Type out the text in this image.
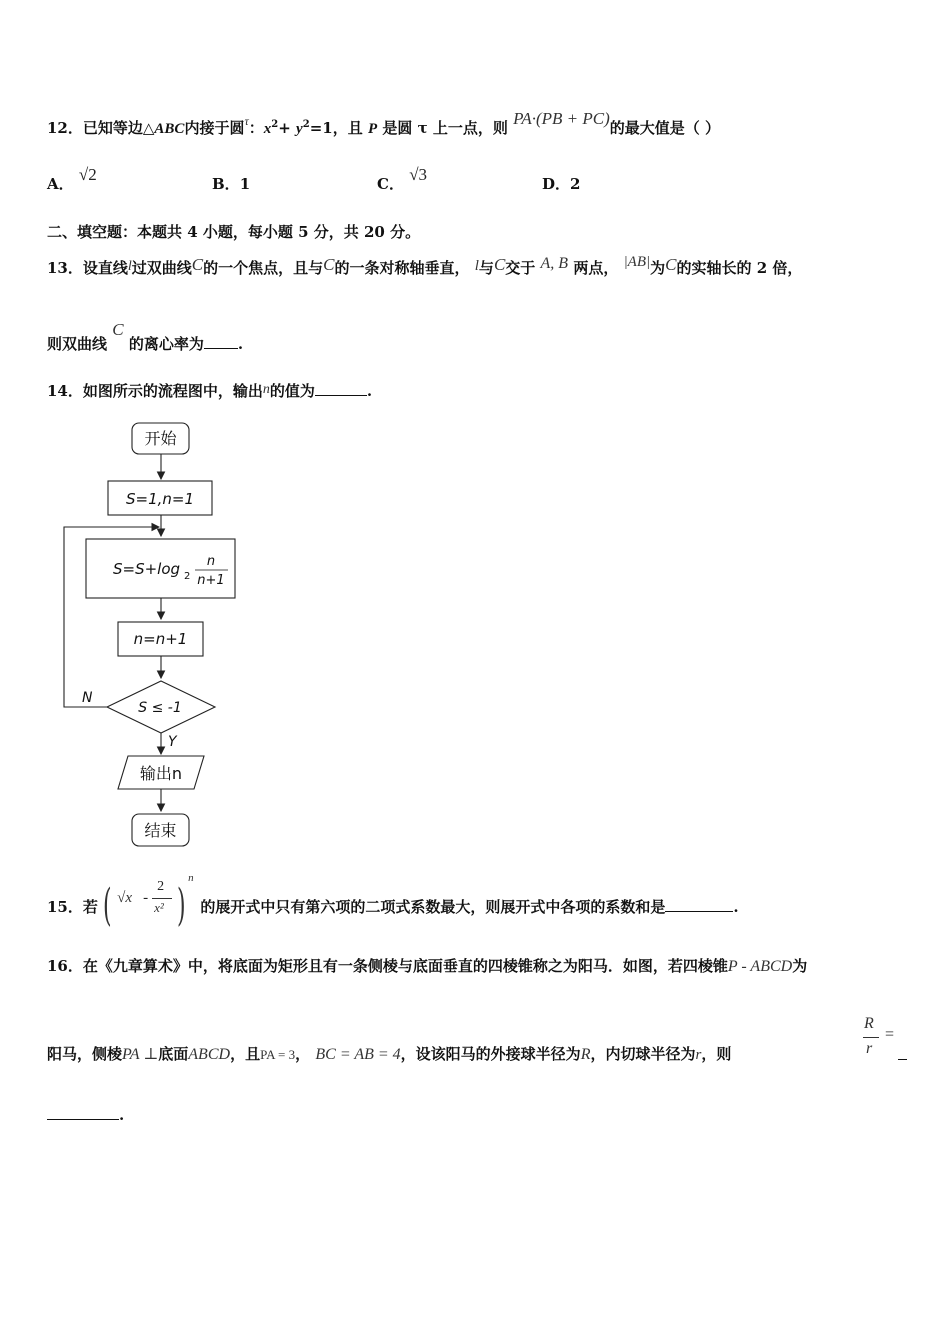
12．已知等边△ABC内接于圆$^\tau$：$x^2+ y^2=1$，且 P 是圆 τ 上一点，则 PA·(PB + PC)的最大值是（ ）
A． √2	B．1	C． √3	D．2
二、填空题：本题共 4 小题，每小题 5 分，共 20 分。
13．设直线l过双曲线C的一个焦点，且与C的一条对称轴垂直， l与C交于 A, B 两点， |AB|为C的实轴长的 2 倍，
则双曲线 C 的离心率为 .
14．如图所示的流程图中，输出n的值为	.
开始
S=1,n=1
S=S+log 2
n
n+1
n=n+1
S ≤ -1
N
Y
输出n
结束
15．若 ( √x -
2
x² )
n
的展开式中只有第六项的二项式系数最大，则展开式中各项的系数和是	.
16．在《九章算术》中，将底面为矩形且有一条侧棱与底面垂直的四棱锥称之为阳马．如图，若四棱锥P - ABCD为
阳马，侧棱PA ⊥底面ABCD，且PA = 3， BC = AB = 4，设该阳马的外接球半径为R，内切球半径为r，则
R
r
=
.
